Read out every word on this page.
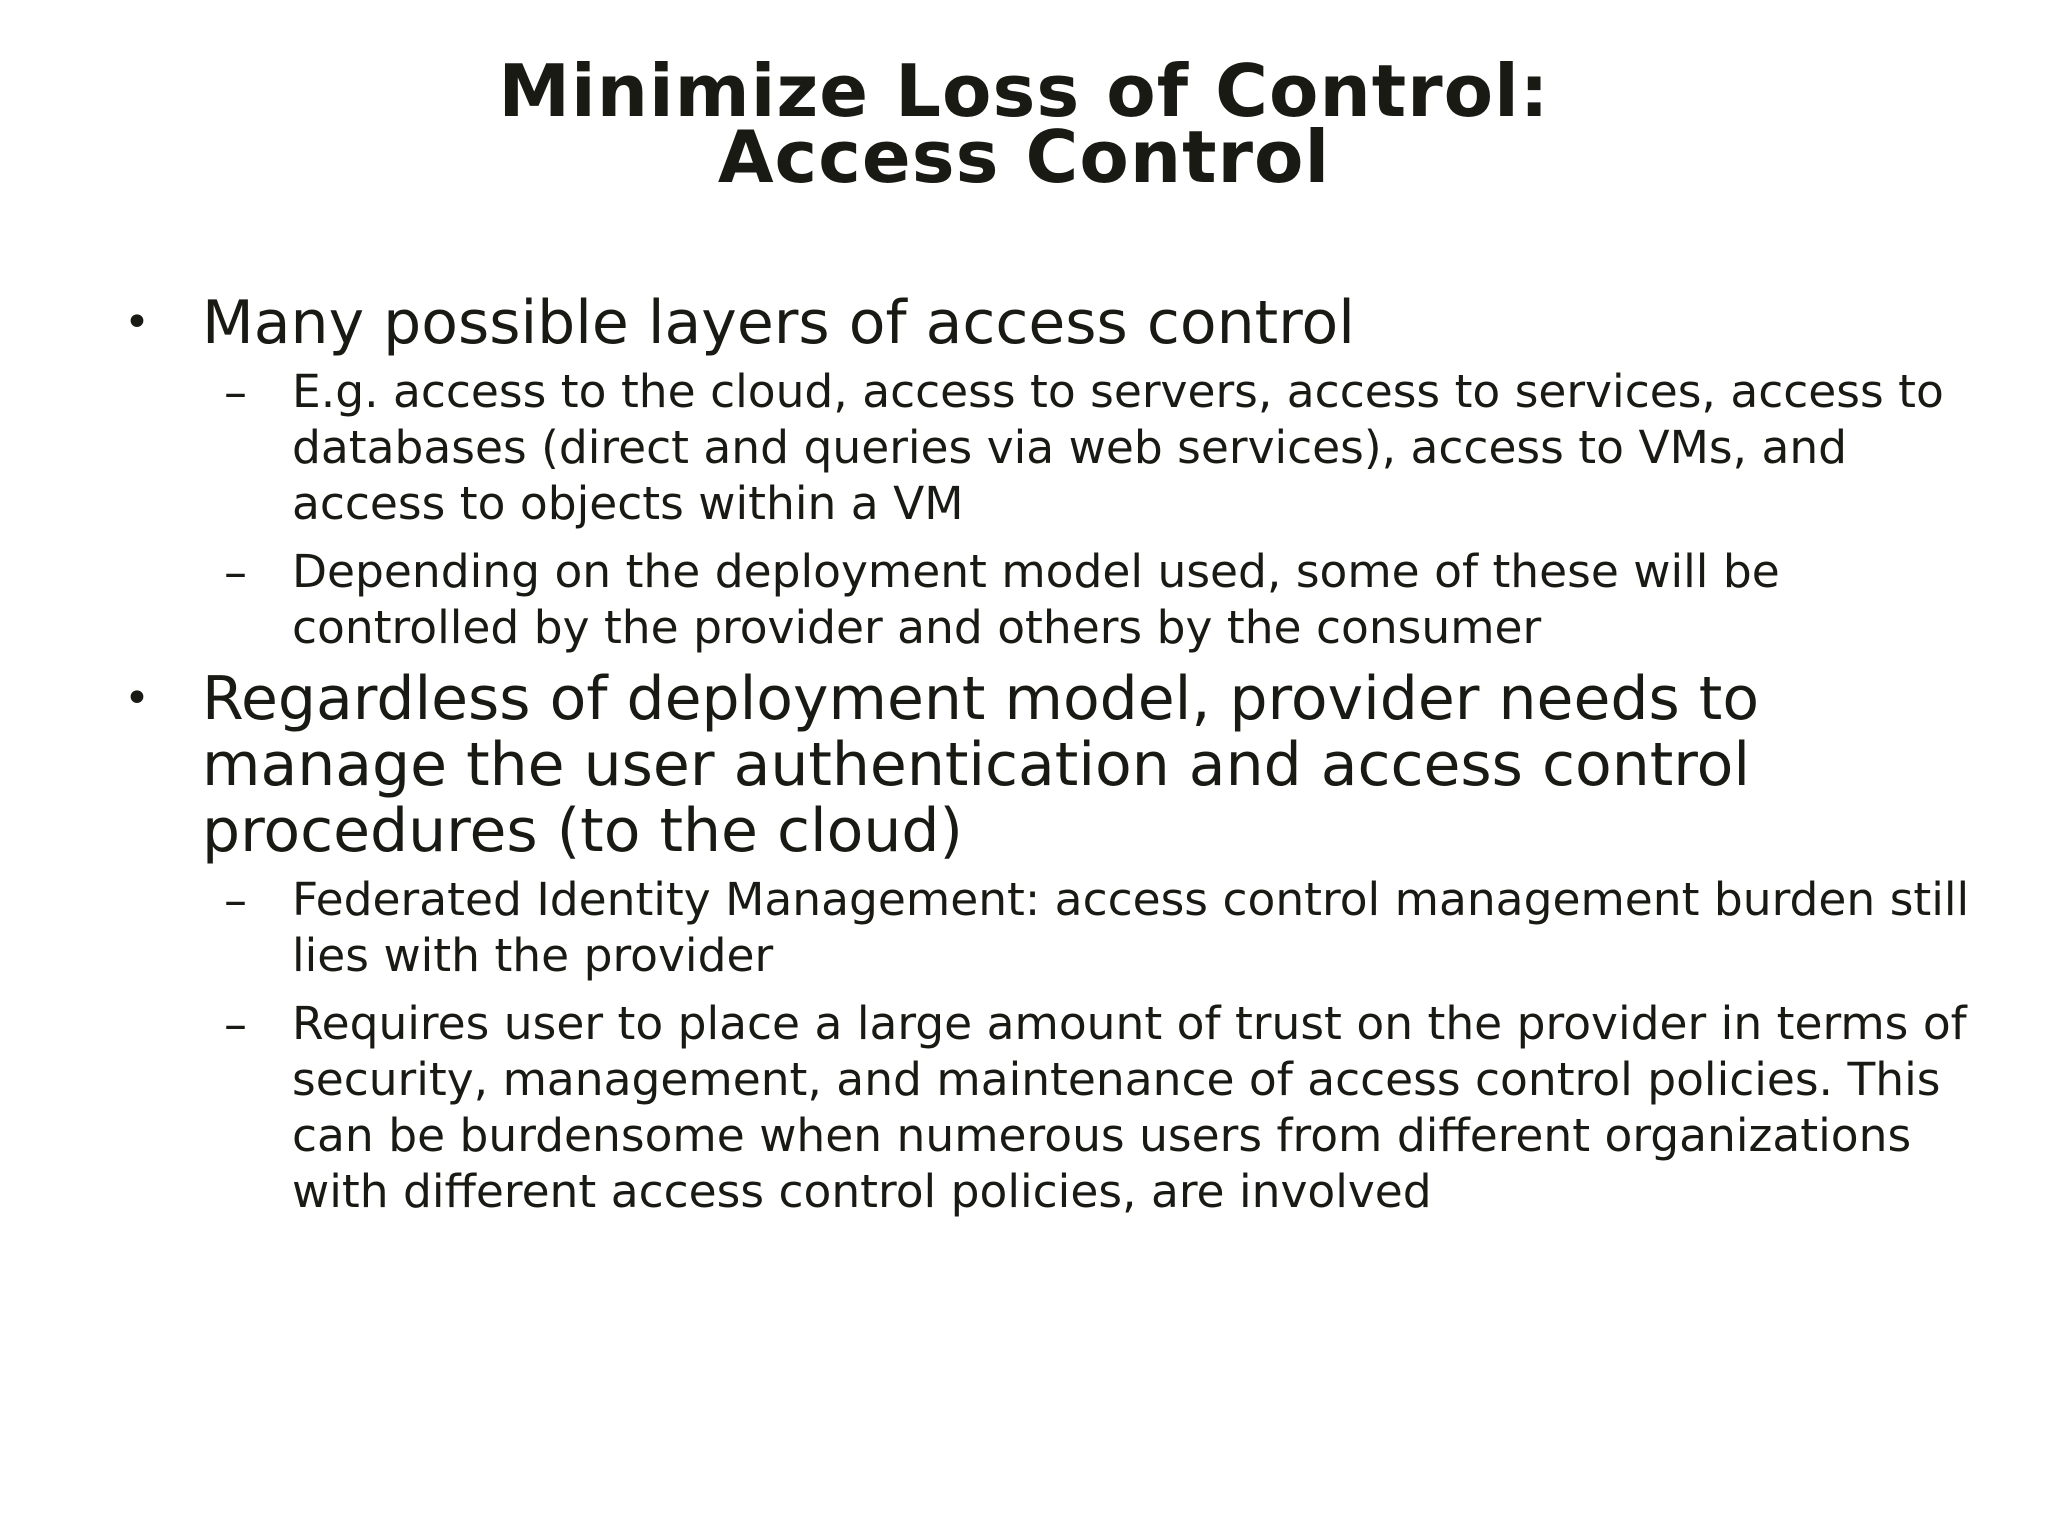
Minimize Loss of Control:
Access Control
• Many possible layers of access control
– E.g. access to the cloud, access to servers, access to services, access to databases (direct and queries via web services), access to VMs, and access to objects within a VM
– Depending on the deployment model used, some of these will be controlled by the provider and others by the consumer
• Regardless of deployment model, provider needs to manage the user authentication and access control procedures (to the cloud)
– Federated Identity Management: access control management burden still lies with the provider
– Requires user to place a large amount of trust on the provider in terms of security, management, and maintenance of access control policies. This can be burdensome when numerous users from different organizations with different access control policies, are involved
